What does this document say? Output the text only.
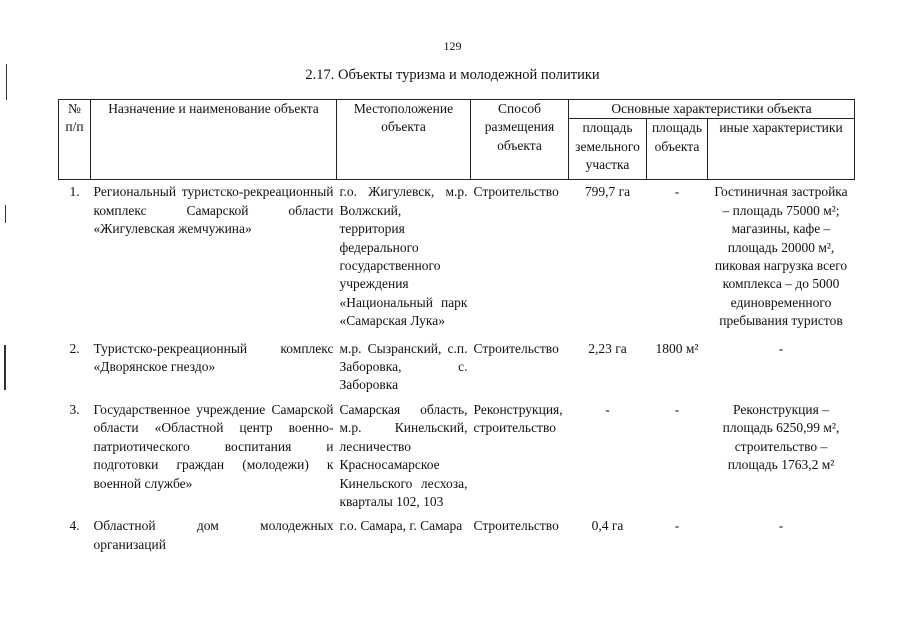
129
2.17. Объекты туризма и молодежной политики
№ п/п	Назначение и наименование объекта	Местоположение объекта	Способ размещения объекта	Основные характеристики объекта		
				площадь земельного участка	площадь объекта	иные характеристики

1.	Региональный туристско-рекреационный комплекс Самарской области «Жигулевская жемчужина»	г.о. Жигулевск, м.р. Волжский, территория федерального государственного учреждения «Национальный парк «Самарская Лука»	Строительство	799,7 га	-	Гостиничная застройка – площадь 75000 м²; магазины, кафе – площадь 20000 м², пиковая нагрузка всего комплекса – до 5000 единовременного пребывания туристов

2.	Туристско-рекреационный комплекс «Дворянское гнездо»	м.р. Сызранский, с.п. Заборовка, с. Заборовка	Строительство	2,23 га	1800 м²	-

3.	Государственное учреждение Самарской области «Областной центр военно-патриотического воспитания и подготовки граждан (молодежи) к военной службе»	Самарская область, м.р. Кинельский, лесничество Красносамарское Кинельского лесхоза, кварталы 102, 103	Реконструкция, строительство	-	-	Реконструкция – площадь 6250,99 м², строительство – площадь 1763,2 м²

4.	Областной дом молодежных организаций	г.о. Самара, г. Самара	Строительство	0,4 га	-	-
